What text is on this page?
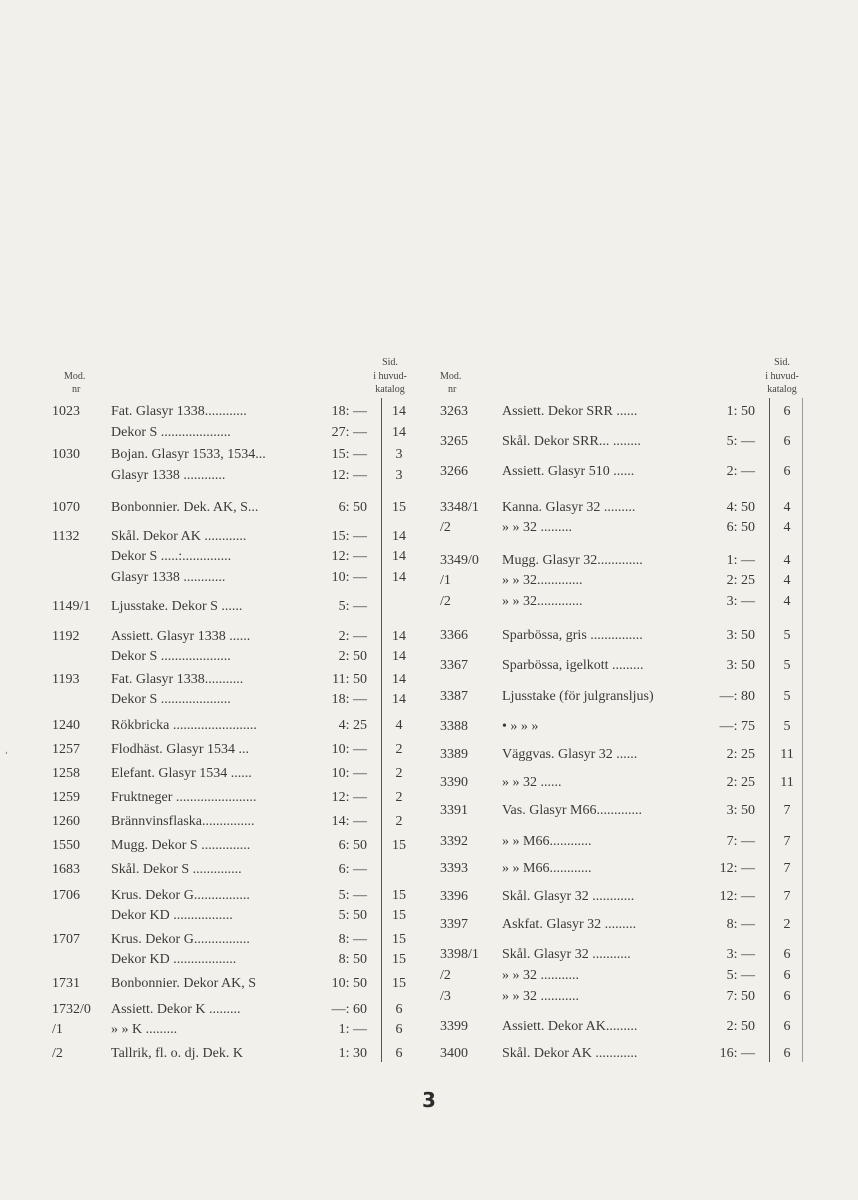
Mod.
nr
Sid.
i huvud-
katalog
Mod.
nr
Sid.
i huvud-
katalog
1023 Fat. Glasyr 1338............	18: —	14
Dekor S ....................	27: —	14
1030 Bojan. Glasyr 1533, 1534...	15: —	3
Glasyr 1338 ............	12: —	3
1070 Bonbonnier. Dek. AK, S...	6: 50	15
1132 Skål. Dekor AK ............	15: —	14
Dekor S .....:..............	12: —	14
Glasyr 1338 ............	10: —	14
1149/1 Ljusstake. Dekor S ......	5: —
1192 Assiett. Glasyr 1338 ......	2: —	14
Dekor S ....................	2: 50	14
1193 Fat. Glasyr 1338...........	11: 50	14
Dekor S ....................	18: —	14
1240 Rökbricka ........................	4: 25	4
1257 Flodhäst. Glasyr 1534 ...	10: —	2
1258 Elefant. Glasyr 1534 ......	10: —	2
1259 Fruktneger .......................	12: —	2
1260 Brännvinsflaska...............	14: —	2
1550 Mugg. Dekor S ..............	6: 50	15
1683 Skål. Dekor S ..............	6: —
1706 Krus. Dekor G................	5: —	15
Dekor KD .................	5: 50	15
1707 Krus. Dekor G................	8: —	15
Dekor KD ..................	8: 50	15
1731 Bonbonnier. Dekor AK, S	10: 50	15
1732/0 Assiett. Dekor K .........	—: 60	6
/1	» » K .........	1: —	6
/2	Tallrik, fl. o. dj. Dek. K	1: 30	6
3263 Assiett. Dekor SRR ......	1: 50	6
3265 Skål. Dekor SRR... ........	5: —	6
3266 Assiett. Glasyr 510 ......	2: —	6
3348/1 Kanna. Glasyr 32 .........	4: 50	4
/2	» » 32 .........	6: 50	4
3349/0 Mugg. Glasyr 32.............	1: —	4
/1	» » 32.............	2: 25	4
/2	» » 32.............	3: —	4
3366 Sparbössa, gris ...............	3: 50	5
3367 Sparbössa, igelkott .........	3: 50	5
3387 Ljusstake (för julgransljus)	—: 80	5
3388 • » » »	—: 75	5
3389 Väggvas. Glasyr 32 ......	2: 25	11
3390 » » 32 ......	2: 25	11
3391 Vas. Glasyr M66.............	3: 50	7
3392 » » M66............	7: —	7
3393 » » M66............	12: —	7
3396 Skål. Glasyr 32 ............	12: —	7
3397 Askfat. Glasyr 32 .........	8: —	2
3398/1 Skål. Glasyr 32 ...........	3: —	6
/2	» » 32 ...........	5: —	6
/3	» » 32 ...........	7: 50	6
3399 Assiett. Dekor AK.........	2: 50	6
3400 Skål. Dekor AK ............	16: —	6
3
ˌ
